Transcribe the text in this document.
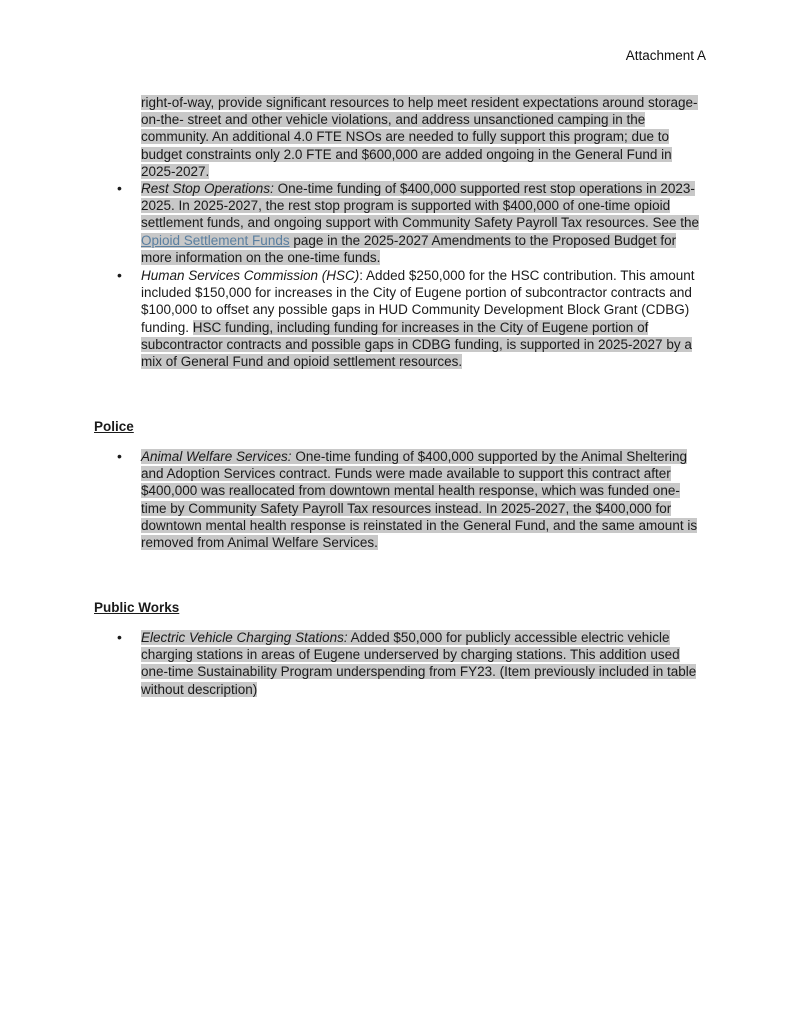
Attachment A
right-of-way, provide significant resources to help meet resident expectations around storage-on-the- street and other vehicle violations, and address unsanctioned camping in the community. An additional 4.0 FTE NSOs are needed to fully support this program; due to budget constraints only 2.0 FTE and $600,000 are added ongoing in the General Fund in 2025-2027.
• Rest Stop Operations: One-time funding of $400,000 supported rest stop operations in 2023-2025. In 2025-2027, the rest stop program is supported with $400,000 of one-time opioid settlement funds, and ongoing support with Community Safety Payroll Tax resources. See the Opioid Settlement Funds page in the 2025-2027 Amendments to the Proposed Budget for more information on the one-time funds.
• Human Services Commission (HSC): Added $250,000 for the HSC contribution. This amount included $150,000 for increases in the City of Eugene portion of subcontractor contracts and $100,000 to offset any possible gaps in HUD Community Development Block Grant (CDBG) funding. HSC funding, including funding for increases in the City of Eugene portion of subcontractor contracts and possible gaps in CDBG funding, is supported in 2025-2027 by a mix of General Fund and opioid settlement resources.
Police
• Animal Welfare Services: One-time funding of $400,000 supported by the Animal Sheltering and Adoption Services contract. Funds were made available to support this contract after $400,000 was reallocated from downtown mental health response, which was funded one-time by Community Safety Payroll Tax resources instead. In 2025-2027, the $400,000 for downtown mental health response is reinstated in the General Fund, and the same amount is removed from Animal Welfare Services.
Public Works
• Electric Vehicle Charging Stations: Added $50,000 for publicly accessible electric vehicle charging stations in areas of Eugene underserved by charging stations. This addition used one-time Sustainability Program underspending from FY23. (Item previously included in table without description)
